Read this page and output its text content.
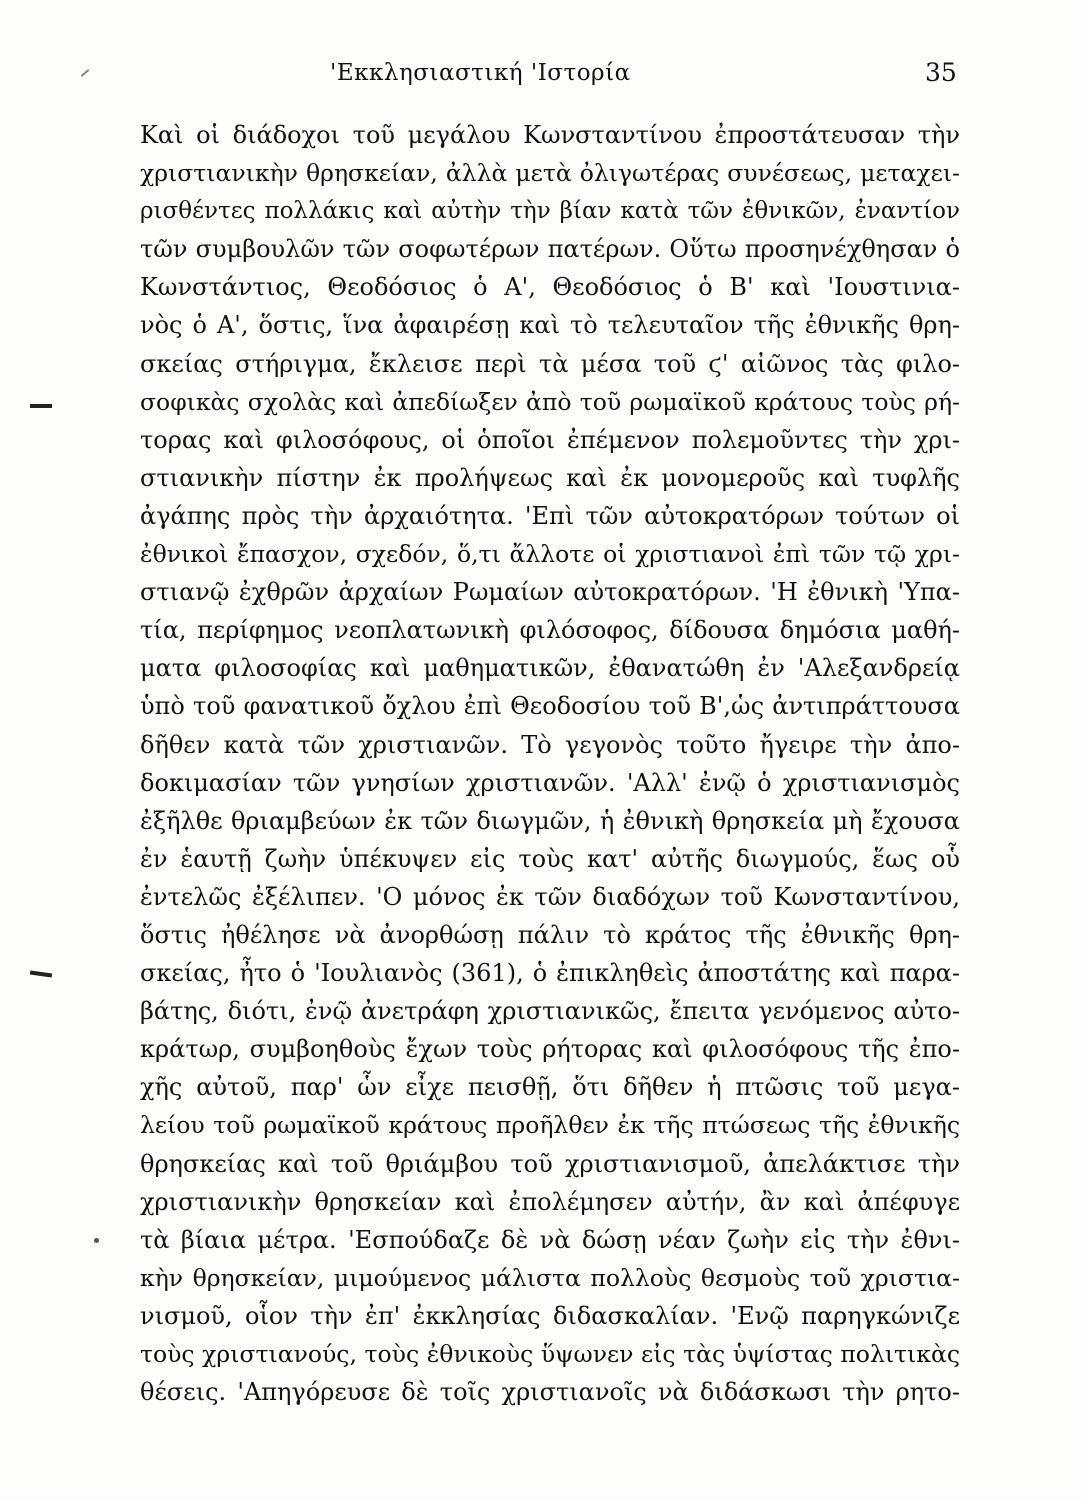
'Εκκλησιαστική 'Ιστορία	35
Καὶ οἱ διάδοχοι τοῦ μεγάλου Κωνσταντίνου ἐπροστάτευσαν τὴν
χριστιανικὴν θρησκείαν, ἀλλὰ μετὰ ὀλιγωτέρας συνέσεως, μεταχει-
ρισθέντες πολλάκις καὶ αὐτὴν τὴν βίαν κατὰ τῶν ἐθνικῶν, ἐναντίον
τῶν συμβουλῶν τῶν σοφωτέρων πατέρων. Οὕτω προσηνέχθησαν ὁ
Κωνστάντιος, Θεοδόσιος ὁ Α', Θεοδόσιος ὁ Β' καὶ 'Ιουστινια-
νὸς ὁ Α', ὅστις, ἵνα ἀφαιρέσῃ καὶ τὸ τελευταῖον τῆς ἐθνικῆς θρη-
σκείας στήριγμα, ἔκλεισε περὶ τὰ μέσα τοῦ ϛ' αἰῶνος τὰς φιλο-
σοφικὰς σχολὰς καὶ ἀπεδίωξεν ἀπὸ τοῦ ρωμαϊκοῦ κράτους τοὺς ρή-
τορας καὶ φιλοσόφους, οἱ ὁποῖοι ἐπέμενον πολεμοῦντες τὴν χρι-
στιανικὴν πίστην ἐκ προλήψεως καὶ ἐκ μονομεροῦς καὶ τυφλῆς
ἀγάπης πρὸς τὴν ἀρχαιότητα. 'Επὶ τῶν αὐτοκρατόρων τούτων οἱ
ἐθνικοὶ ἔπασχον, σχεδόν, ὅ,τι ἄλλοτε οἱ χριστιανοὶ ἐπὶ τῶν τῷ χρι-
στιανῷ ἐχθρῶν ἀρχαίων Ρωμαίων αὐτοκρατόρων. 'Η ἐθνικὴ 'Υπα-
τία, περίφημος νεοπλατωνικὴ φιλόσοφος, δίδουσα δημόσια μαθή-
ματα φιλοσοφίας καὶ μαθηματικῶν, ἐθανατώθη ἐν 'Αλεξανδρείᾳ
ὑπὸ τοῦ φανατικοῦ ὄχλου ἐπὶ Θεοδοσίου τοῦ Β',ὡς ἀντιπράττουσα
δῆθεν κατὰ τῶν χριστιανῶν. Τὸ γεγονὸς τοῦτο ἤγειρε τὴν ἀπο-
δοκιμασίαν τῶν γνησίων χριστιανῶν. 'Αλλ' ἐνῷ ὁ χριστιανισμὸς
ἐξῆλθε θριαμβεύων ἐκ τῶν διωγμῶν, ἡ ἐθνικὴ θρησκεία μὴ ἔχουσα
ἐν ἑαυτῇ ζωὴν ὑπέκυψεν εἰς τοὺς κατ' αὐτῆς διωγμούς, ἕως οὗ
ἐντελῶς ἐξέλιπεν. 'Ο μόνος ἐκ τῶν διαδόχων τοῦ Κωνσταντίνου,
ὅστις ἠθέλησε νὰ ἀνορθώσῃ πάλιν τὸ κράτος τῆς ἐθνικῆς θρη-
σκείας, ἦτο ὁ 'Ιουλιανὸς (361), ὁ ἐπικληθεὶς ἀποστάτης καὶ παρα-
βάτης, διότι, ἐνῷ ἀνετράφη χριστιανικῶς, ἔπειτα γενόμενος αὐτο-
κράτωρ, συμβοηθοὺς ἔχων τοὺς ρήτορας καὶ φιλοσόφους τῆς ἐπο-
χῆς αὐτοῦ, παρ' ὧν εἶχε πεισθῇ, ὅτι δῆθεν ἡ πτῶσις τοῦ μεγα-
λείου τοῦ ρωμαϊκοῦ κράτους προῆλθεν ἐκ τῆς πτώσεως τῆς ἐθνικῆς
θρησκείας καὶ τοῦ θριάμβου τοῦ χριστιανισμοῦ, ἀπελάκτισε τὴν
χριστιανικὴν θρησκείαν καὶ ἐπολέμησεν αὐτήν, ἂν καὶ ἀπέφυγε
τὰ βίαια μέτρα. 'Εσπούδαζε δὲ νὰ δώσῃ νέαν ζωὴν εἰς τὴν ἐθνι-
κὴν θρησκείαν, μιμούμενος μάλιστα πολλοὺς θεσμοὺς τοῦ χριστια-
νισμοῦ, οἷον τὴν ἐπ' ἐκκλησίας διδασκαλίαν. 'Ενῷ παρηγκώνιζε
τοὺς χριστιανούς, τοὺς ἐθνικοὺς ὕψωνεν εἰς τὰς ὑψίστας πολιτικὰς
θέσεις. 'Απηγόρευσε δὲ τοῖς χριστιανοῖς νὰ διδάσκωσι τὴν ρητο-
